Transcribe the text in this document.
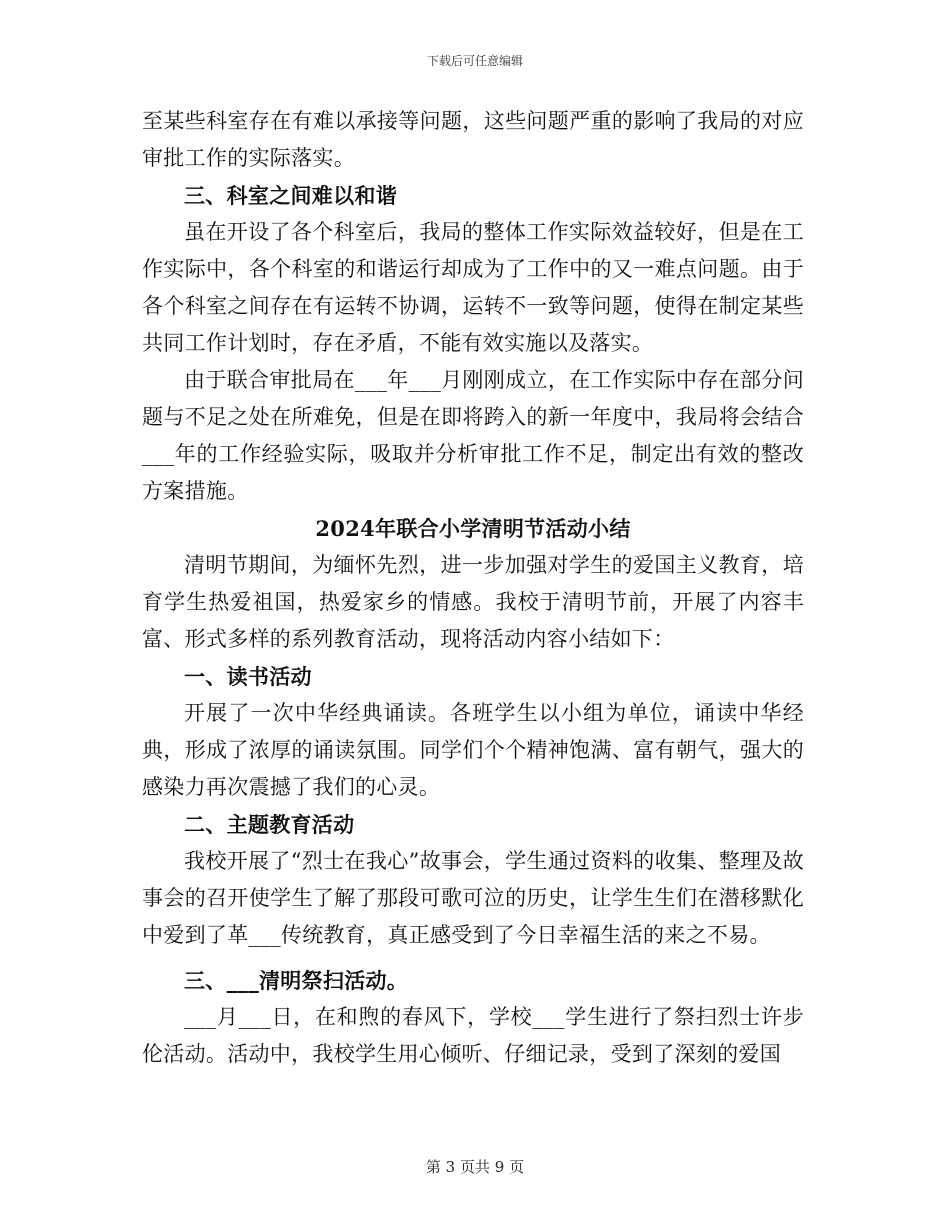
下载后可任意编辑

至某些科室存在有难以承接等问题，这些问题严重的影响了我局的对应审批工作的实际落实。

三、科室之间难以和谐

虽在开设了各个科室后，我局的整体工作实际效益较好，但是在工作实际中，各个科室的和谐运行却成为了工作中的又一难点问题。由于各个科室之间存在有运转不协调，运转不一致等问题，使得在制定某些共同工作计划时，存在矛盾，不能有效实施以及落实。

由于联合审批局在___年___月刚刚成立，在工作实际中存在部分问题与不足之处在所难免，但是在即将跨入的新一年度中，我局将会结合___年的工作经验实际，吸取并分析审批工作不足，制定出有效的整改方案措施。

2024年联合小学清明节活动小结

清明节期间，为缅怀先烈，进一步加强对学生的爱国主义教育，培育学生热爱祖国，热爱家乡的情感。我校于清明节前，开展了内容丰富、形式多样的系列教育活动，现将活动内容小结如下：

一、读书活动

开展了一次中华经典诵读。各班学生以小组为单位，诵读中华经典，形成了浓厚的诵读氛围。同学们个个精神饱满、富有朝气，强大的感染力再次震撼了我们的心灵。

二、主题教育活动

我校开展了“烈士在我心”故事会，学生通过资料的收集、整理及故事会的召开使学生了解了那段可歌可泣的历史，让学生生们在潜移默化中爱到了革___传统教育，真正感受到了今日幸福生活的来之不易。

三、___清明祭扫活动。

___月___日，在和煦的春风下，学校___学生进行了祭扫烈士许步伦活动。活动中，我校学生用心倾听、仔细记录，受到了深刻的爱国

第 3 页共 9 页
